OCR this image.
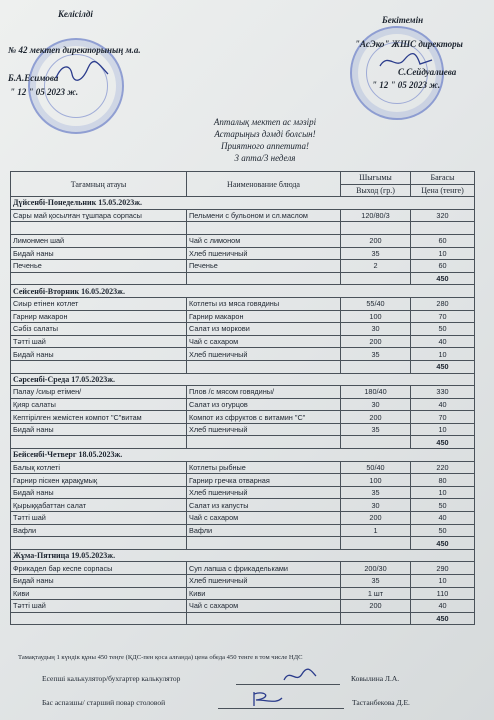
Келісілді
№ 42 мектеп директорының м.а.
Б.А.Есимова
" 12 " 05 2023 ж.
Бекітемін
"АсЭко" ЖШС директоры
С.Сейдуалиева
" 12 " 05 2023 ж.
Апталық мектеп ас мәзірі
Астарыңыз дәмді болсын!
Приятного аппетита!
3 апта/3 неделя
Тағамның атауы	Наименование блюда	Шығымы	Бағасы
		Выход (гр.)	Цена (тенге)
Дүйсенбі-Понедельник 15.05.2023ж.			
Сары май қосылған тұшпара сорпасы	Пельмени с бульоном и сл.маслом	120/80/3	320

Лимонмен шай	Чай с лимоном	200	60
Бидай наны	Хлеб пшеничный	35	10
Печенье	Печенье	2	60
			450
Сейсенбі-Вторник 16.05.2023ж.			
Сиыр етінен котлет	Котлеты из мяса говядины	55/40	280
Гарнир макарон	Гарнир макарон	100	70
Сәбіз салаты	Салат из моркови	30	50
Тәтті шай	Чай с сахаром	200	40
Бидай наны	Хлеб пшеничный	35	10
			450
Сәрсенбі-Среда 17.05.2023ж.			
Палау /сиыр етімен/	Плов /с мясом говядины/	180/40	330
Қияр салаты	Салат из огурцов	30	40
Кептірілген жемістен компот "С"витам	Компот из сфруктов с витамин "С"	200	70
Бидай наны	Хлеб пшеничный	35	10
			450
Бейсенбі-Четверг 18.05.2023ж.			
Балық котлеті	Котлеты рыбные	50/40	220
Гарнир піскен қарақұмық	Гарнир гречка отварная	100	80
Бидай наны	Хлеб пшеничный	35	10
Қырыққабаттан салат	Салат из капусты	30	50
Тәтті шай	Чай с сахаром	200	40
Вафли	Вафли	1	50
			450
Жұма-Пятница 19.05.2023ж.			
Фрикадел бар кеспе сорпасы	Суп лапша с фрикадельками	200/30	290
Бидай наны	Хлеб пшеничный	35	10
Киви	Киви	1 шт	110
Тәтті шай	Чай с сахаром	200	40
			450
Тамақтаудың 1 күндік құны 450 теңге (ҚДС-пен қоса алғанда) цена обеда 450 тенге в том числе НДС
Есепші калькулятор/бухгартер калькулятор	Ковылина Л.А.
Бас аспазшы/ старший повар столовой	Тастанбекова Д.Е.
